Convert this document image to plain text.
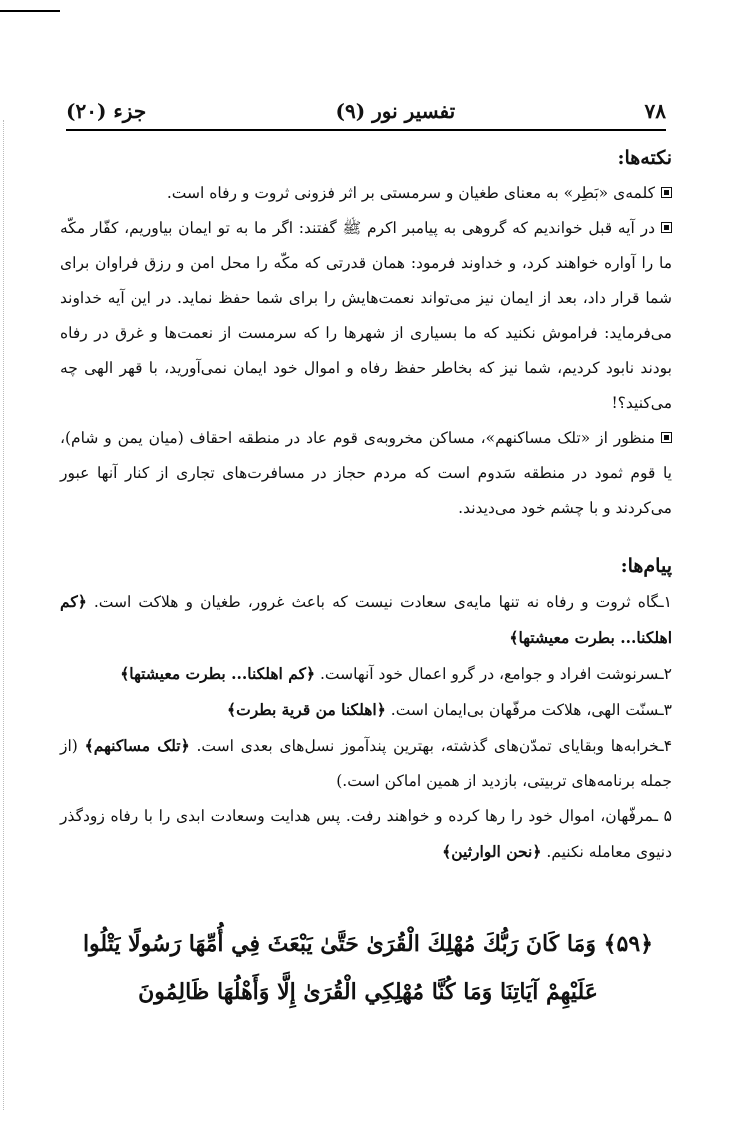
جزء (۲۰)	تفسیر نور (۹)	۷۸

نکته‌ها:

کلمه‌ی «بَطِر» به معنای طغیان و سرمستی بر اثر فزونی ثروت و رفاه است.

در آیه قبل خواندیم که گروهی به پیامبر اکرم ﷺ گفتند: اگر ما به تو ایمان بیاوریم، کفّار مکّه ما را آواره خواهند کرد، و خداوند فرمود: همان قدرتی که مکّه را محل امن و رزق فراوان برای شما قرار داد، بعد از ایمان نیز می‌تواند نعمت‌هایش را برای شما حفظ نماید. در این آیه خداوند می‌فرماید: فراموش نکنید که ما بسیاری از شهرها را که سرمست از نعمت‌ها و غرق در رفاه بودند نابود کردیم، شما نیز که بخاطر حفظ رفاه و اموال خود ایمان نمی‌آورید، با قهر الهی چه می‌کنید؟!

منظور از «تلک مساکنهم»، مساکن مخروبه‌ی قوم عاد در منطقه احقاف (میان یمن و شام)، یا قوم ثمود در منطقه سَدوم است که مردم حجاز در مسافرت‌های تجاری از کنار آنها عبور می‌کردند و با چشم خود می‌دیدند.

پیام‌ها:

۱ـگاه ثروت و رفاه نه تنها مایه‌ی سعادت نیست که باعث غرور، طغیان و هلاکت است. ﴿کم اهلکنا... بطرت معیشتها﴾

۲ـسرنوشت افراد و جوامع، در گرو اعمال خود آنهاست. ﴿کم اهلکنا... بطرت معیشتها﴾

۳ـسنّت الهی، هلاکت مرفّهان بی‌ایمان است. ﴿اهلکنا من قریة بطرت﴾

۴ـخرابه‌ها وبقایای تمدّن‌های گذشته، بهترین پندآموز نسل‌های بعدی است. ﴿تلک مساکنهم﴾ (از جمله برنامه‌های تربیتی، بازدید از همین اماکن است.)

۵ ـمرفّهان، اموال خود را رها کرده و خواهند رفت. پس هدایت وسعادت ابدی را با رفاه زودگذر دنیوی معامله نکنیم. ﴿نحن الوارثین﴾

﴿۵۹﴾ وَمَا كَانَ رَبُّكَ مُهْلِكَ الْقُرَىٰ حَتَّىٰ يَبْعَثَ فِي أُمِّهَا رَسُولًا يَتْلُوا
عَلَيْهِمْ آيَاتِنَا وَمَا كُنَّا مُهْلِكِي الْقُرَىٰ إِلَّا وَأَهْلُهَا ظَالِمُونَ
